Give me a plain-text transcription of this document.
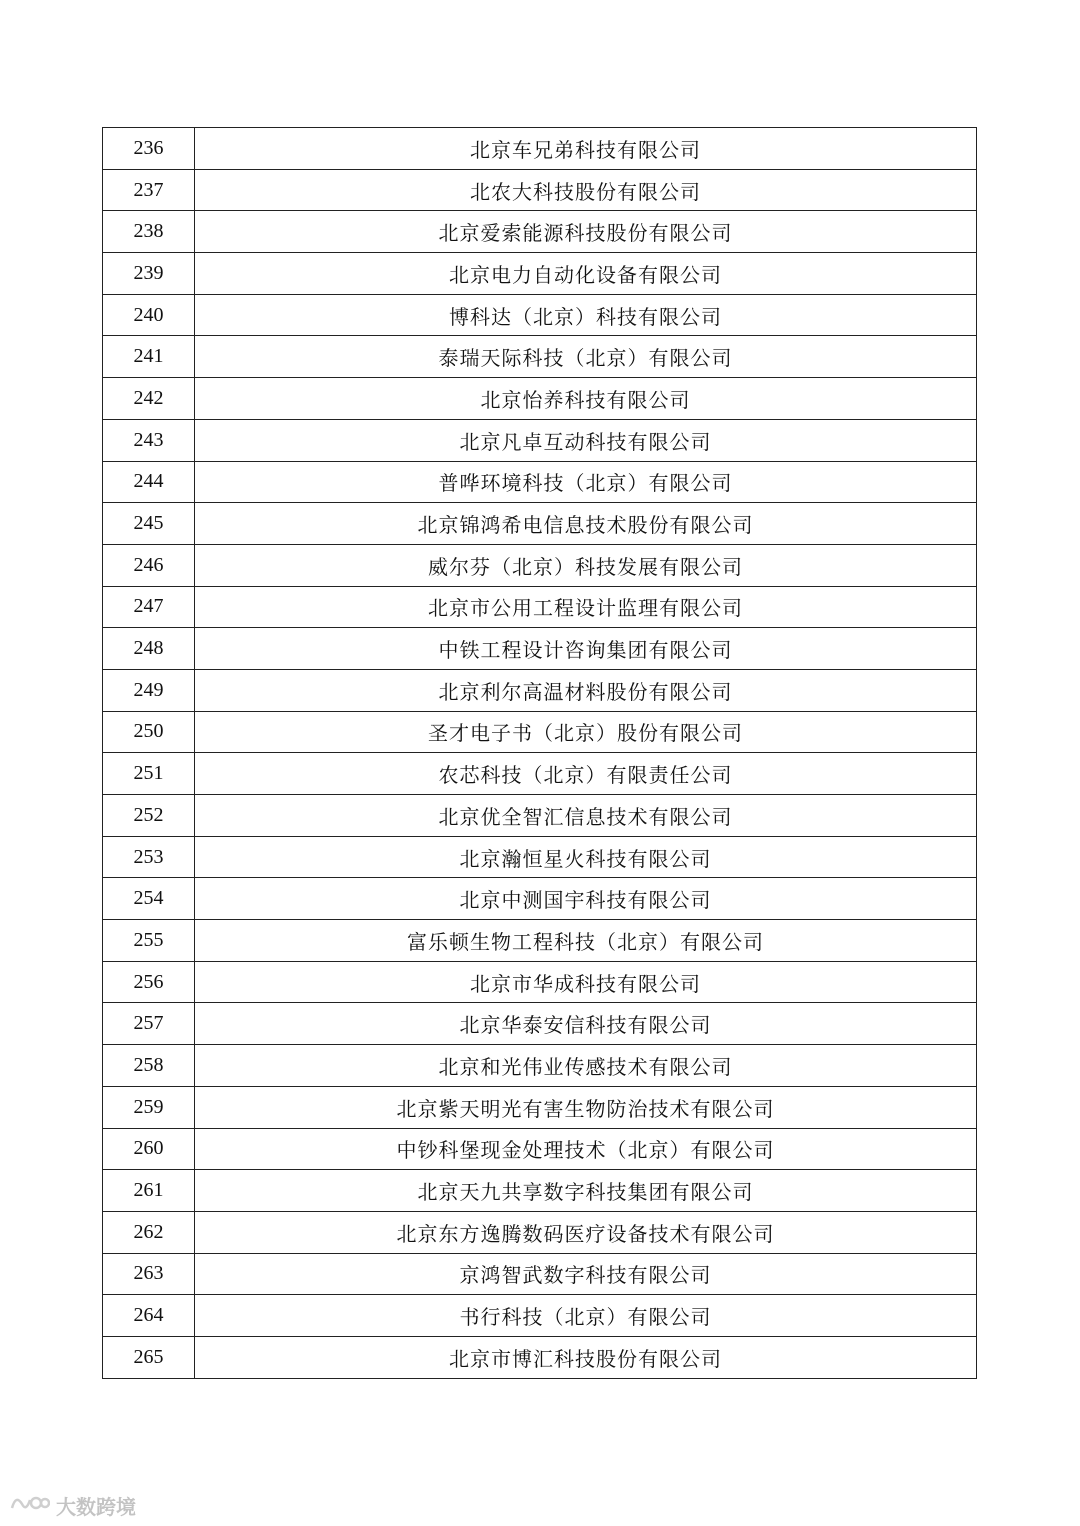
236	北京车兄弟科技有限公司
237	北农大科技股份有限公司
238	北京爱索能源科技股份有限公司
239	北京电力自动化设备有限公司
240	博科达（北京）科技有限公司
241	泰瑞天际科技（北京）有限公司
242	北京怡养科技有限公司
243	北京凡卓互动科技有限公司
244	普哗环境科技（北京）有限公司
245	北京锦鸿希电信息技术股份有限公司
246	威尔芬（北京）科技发展有限公司
247	北京市公用工程设计监理有限公司
248	中铁工程设计咨询集团有限公司
249	北京利尔高温材料股份有限公司
250	圣才电子书（北京）股份有限公司
251	农芯科技（北京）有限责任公司
252	北京优全智汇信息技术有限公司
253	北京瀚恒星火科技有限公司
254	北京中测国宇科技有限公司
255	富乐顿生物工程科技（北京）有限公司
256	北京市华成科技有限公司
257	北京华泰安信科技有限公司
258	北京和光伟业传感技术有限公司
259	北京紫天明光有害生物防治技术有限公司
260	中钞科堡现金处理技术（北京）有限公司
261	北京天九共享数字科技集团有限公司
262	北京东方逸腾数码医疗设备技术有限公司
263	京鸿智武数字科技有限公司
264	书行科技（北京）有限公司
265	北京市博汇科技股份有限公司
大数跨境
